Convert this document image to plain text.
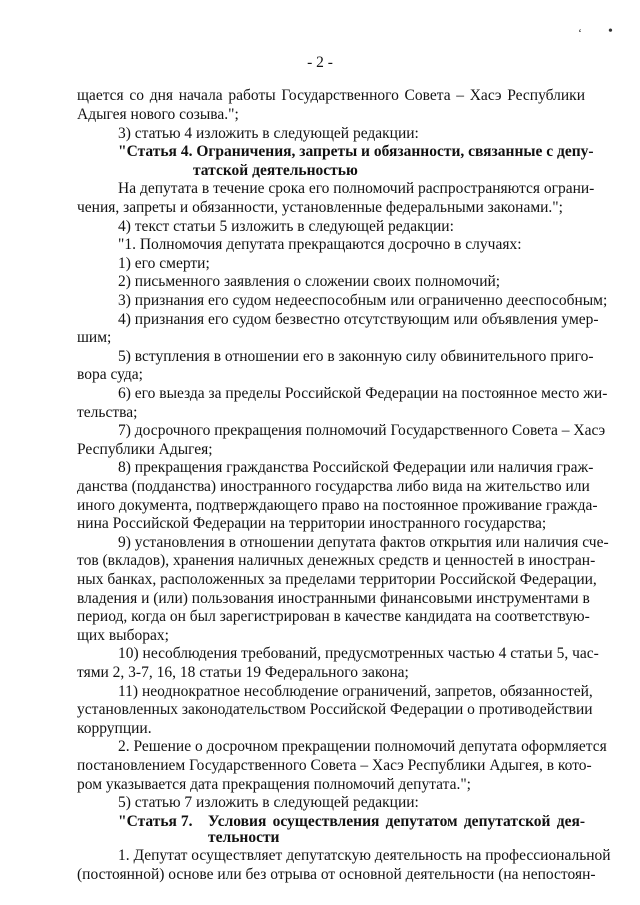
‘ •
- 2 -
щается со дня начала работы Государственного Совета – Хасэ Республики
Адыгея нового созыва.";
3) статью 4 изложить в следующей редакции:
"Статья 4. Ограничения, запреты и обязанности, связанные с депу-
татской деятельностью
На депутата в течение срока его полномочий распространяются ограни-
чения, запреты и обязанности, установленные федеральными законами.";
4) текст статьи 5 изложить в следующей редакции:
"1. Полномочия депутата прекращаются досрочно в случаях:
1) его смерти;
2) письменного заявления о сложении своих полномочий;
3) признания его судом недееспособным или ограниченно дееспособным;
4) признания его судом безвестно отсутствующим или объявления умер-
шим;
5) вступления в отношении его в законную силу обвинительного приго-
вора суда;
6) его выезда за пределы Российской Федерации на постоянное место жи-
тельства;
7) досрочного прекращения полномочий Государственного Совета – Хасэ
Республики Адыгея;
8) прекращения гражданства Российской Федерации или наличия граж-
данства (подданства) иностранного государства либо вида на жительство или
иного документа, подтверждающего право на постоянное проживание гражда-
нина Российской Федерации на территории иностранного государства;
9) установления в отношении депутата фактов открытия или наличия сче-
тов (вкладов), хранения наличных денежных средств и ценностей в иностран-
ных банках, расположенных за пределами территории Российской Федерации,
владения и (или) пользования иностранными финансовыми инструментами в
период, когда он был зарегистрирован в качестве кандидата на соответствую-
щих выборах;
10) несоблюдения требований, предусмотренных частью 4 статьи 5, час-
тями 2, 3-7, 16, 18 статьи 19 Федерального закона;
11) неоднократное несоблюдение ограничений, запретов, обязанностей,
установленных законодательством Российской Федерации о противодействии
коррупции.
2. Решение о досрочном прекращении полномочий депутата оформляется
постановлением Государственного Совета – Хасэ Республики Адыгея, в кото-
ром указывается дата прекращения полномочий депутата.";
5) статью 7 изложить в следующей редакции:
"Статья 7. Условия осуществления депутатом депутатской дея-
тельности
1. Депутат осуществляет депутатскую деятельность на профессиональной
(постоянной) основе или без отрыва от основной деятельности (на непостоян-
